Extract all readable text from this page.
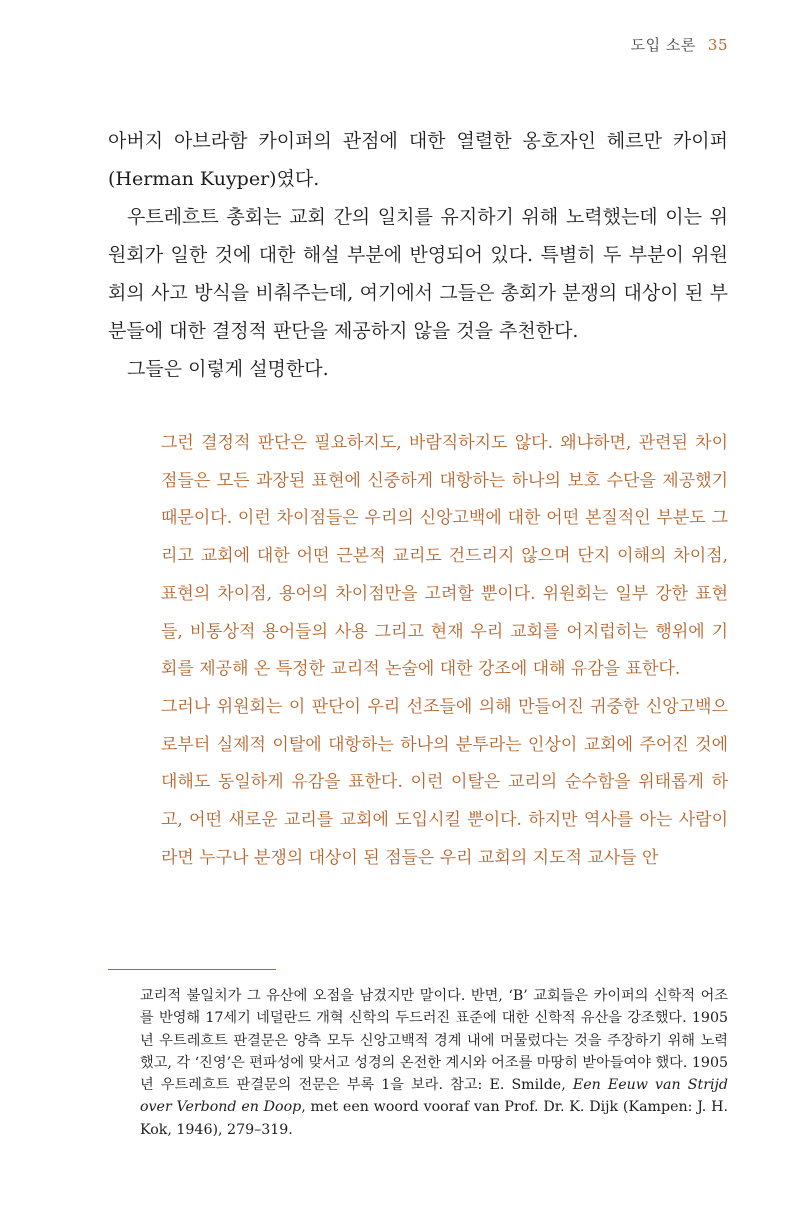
도입 소론 35

아버지 아브라함 카이퍼의 관점에 대한 열렬한 옹호자인 헤르만 카이퍼 (Herman Kuyper)였다.

우트레흐트 총회는 교회 간의 일치를 유지하기 위해 노력했는데 이는 위원회가 일한 것에 대한 해설 부분에 반영되어 있다. 특별히 두 부분이 위원회의 사고 방식을 비춰주는데, 여기에서 그들은 총회가 분쟁의 대상이 된 부분들에 대한 결정적 판단을 제공하지 않을 것을 추천한다.

그들은 이렇게 설명한다.

그런 결정적 판단은 필요하지도, 바람직하지도 않다. 왜냐하면, 관련된 차이점들은 모든 과장된 표현에 신중하게 대항하는 하나의 보호 수단을 제공했기 때문이다. 이런 차이점들은 우리의 신앙고백에 대한 어떤 본질적인 부분도 그리고 교회에 대한 어떤 근본적 교리도 건드리지 않으며 단지 이해의 차이점, 표현의 차이점, 용어의 차이점만을 고려할 뿐이다. 위원회는 일부 강한 표현들, 비통상적 용어들의 사용 그리고 현재 우리 교회를 어지럽히는 행위에 기회를 제공해 온 특정한 교리적 논술에 대한 강조에 대해 유감을 표한다.

그러나 위원회는 이 판단이 우리 선조들에 의해 만들어진 귀중한 신앙고백으로부터 실제적 이탈에 대항하는 하나의 분투라는 인상이 교회에 주어진 것에 대해도 동일하게 유감을 표한다. 이런 이탈은 교리의 순수함을 위태롭게 하고, 어떤 새로운 교리를 교회에 도입시킬 뿐이다. 하지만 역사를 아는 사람이라면 누구나 분쟁의 대상이 된 점들은 우리 교회의 지도적 교사들 안

교리적 불일치가 그 유산에 오점을 남겼지만 말이다. 반면, ‘B’ 교회들은 카이퍼의 신학적 어조를 반영해 17세기 네덜란드 개혁 신학의 두드러진 표준에 대한 신학적 유산을 강조했다. 1905년 우트레흐트 판결문은 양측 모두 신앙고백적 경계 내에 머물렀다는 것을 주장하기 위해 노력했고, 각 ‘진영’은 편파성에 맞서고 성경의 온전한 계시와 어조를 마땅히 받아들여야 했다. 1905년 우트레흐트 판결문의 전문은 부록 1을 보라. 참고: E. Smilde, Een Eeuw van Strijd over Verbond en Doop, met een woord vooraf van Prof. Dr. K. Dijk (Kampen: J. H. Kok, 1946), 279–319.
